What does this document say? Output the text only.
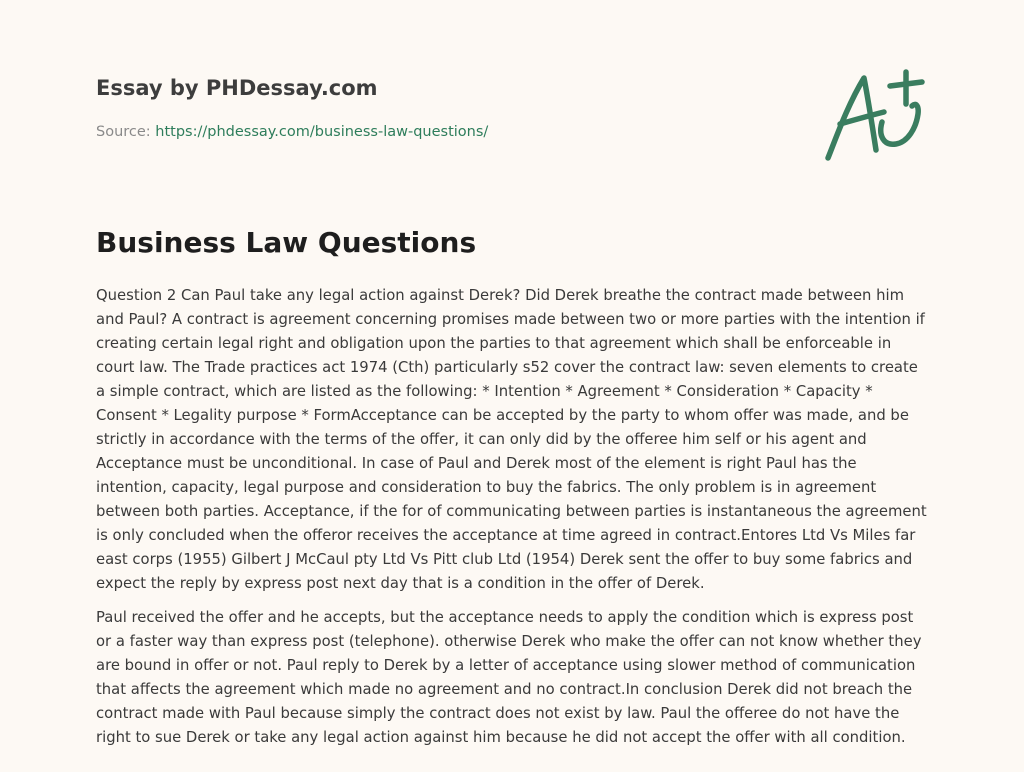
Essay by PHDessay.com
Source: https://phdessay.com/business-law-questions/
Business Law Questions

Question 2 Can Paul take any legal action against Derek? Did Derek breathe the contract made between him and Paul? A contract is agreement concerning promises made between two or more parties with the intention if creating certain legal right and obligation upon the parties to that agreement which shall be enforceable in court law. The Trade practices act 1974 (Cth) particularly s52 cover the contract law: seven elements to create a simple contract, which are listed as the following: * Intention * Agreement * Consideration * Capacity * Consent * Legality purpose * FormAcceptance can be accepted by the party to whom offer was made, and be strictly in accordance with the terms of the offer, it can only did by the offeree him self or his agent and Acceptance must be unconditional. In case of Paul and Derek most of the element is right Paul has the intention, capacity, legal purpose and consideration to buy the fabrics. The only problem is in agreement between both parties. Acceptance, if the for of communicating between parties is instantaneous the agreement is only concluded when the offeror receives the acceptance at time agreed in contract.Entores Ltd Vs Miles far east corps (1955) Gilbert J McCaul pty Ltd Vs Pitt club Ltd (1954) Derek sent the offer to buy some fabrics and expect the reply by express post next day that is a condition in the offer of Derek.

Paul received the offer and he accepts, but the acceptance needs to apply the condition which is express post or a faster way than express post (telephone). otherwise Derek who make the offer can not know whether they are bound in offer or not. Paul reply to Derek by a letter of acceptance using slower method of communication that affects the agreement which made no agreement and no contract.In conclusion Derek did not breach the contract made with Paul because simply the contract does not exist by law. Paul the offeree do not have the right to sue Derek or take any legal action against him because he did not accept the offer with all condition.
